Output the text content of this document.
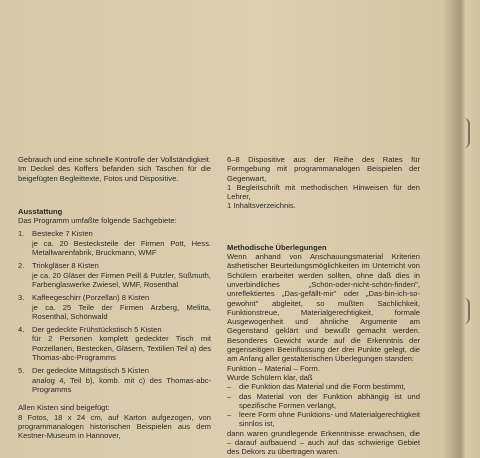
Gebrauch und eine schnelle Kontrolle der Vollständigkeit. Im Deckel des Koffers befanden sich Taschen für die beigefügten Begleittexte, Fotos und Dispositive.

Ausstattung

Das Programm umfaßte folgende Sachgebiete:

1.	Bestecke 7 Kisten

je ca. 20 Bestecksteile der Firmen Pott, Hess. Metallwarenfabrik, Bruckmann, WMF

2.	Trinkgläser 8 Kisten

je ca. 20 Gläser der Firmen Peill & Putzler, Süßmuth, Farbenglaswerke Zwiesel, WMF, Rosenthal

3.	Kaffeegeschirr (Porzellan) 8 Kisten

je ca. 25 Teile der Firmen Arzberg, Melitta, Rosenthal, Schönwald

4.	Der gedeckte Frühstückstisch 5 Kisten

für 2 Personen komplett gedeckter Tisch mit Porzellanen, Bestecken, Gläsern, Textilien Teil a) des Thomas-abc-Programms

5.	Der gedeckte Mittagstisch 5 Kisten

analog 4, Teil b), komb. mit c) des Thomas-abc-Programms

Allen Kisten sind beigefügt:

8 Fotos, 18 x 24 cm, auf Karton aufgezogen, von programmanalogen historischen Beispielen aus dem Kestner-Museum in Hannover,

6–8 Dispositive aus der Reihe des Rates für Formgebung mit programmanalogen Beispielen der Gegenwart,

1 Begleitschrift mit methodischen Hinweisen für den Lehrer,

1 Inhaltsverzeichnis.

Methodische Überlegungen

Wenn anhand von Anschauungsmaterial Kriterien ästhetischer Beurteilungsmöglichkeiten im Unterricht von Schülern erarbeitet werden sollten, ohne daß dies in unverbindliches „Schön-oder-nicht-schön-finden", unreflektiertes „Das-gefällt-mir" oder „Das-bin-ich-so-gewohnt" abgleitet, so mußten Sachlichkeit, Funktionstreue, Materialgerechtigkeit, formale Ausgewogenheit und ähnliche Argumente am Gegenstand geklärt und bewußt gemacht werden. Besonderes Gewicht wurde auf die Erkenntnis der gegenseitigen Beeinflussung der drei Punkte gelegt, die am Anfang aller gestalterischen Überlegungen standen:

Funktion – Material – Form.

Wurde Schülern klar, daß

–	die Funktion das Material und die Form bestimmt,

–	das Material von der Funktion abhängig ist und spezifische Formen verlangt,

–	leere Form ohne Funktions- und Materialgerechtigkeit sinnlos ist,

dann waren grundlegende Erkenntnisse erwachsen, die – darauf aufbauend – auch auf das schwierige Gebiet des Dekors zu übertragen waren.
